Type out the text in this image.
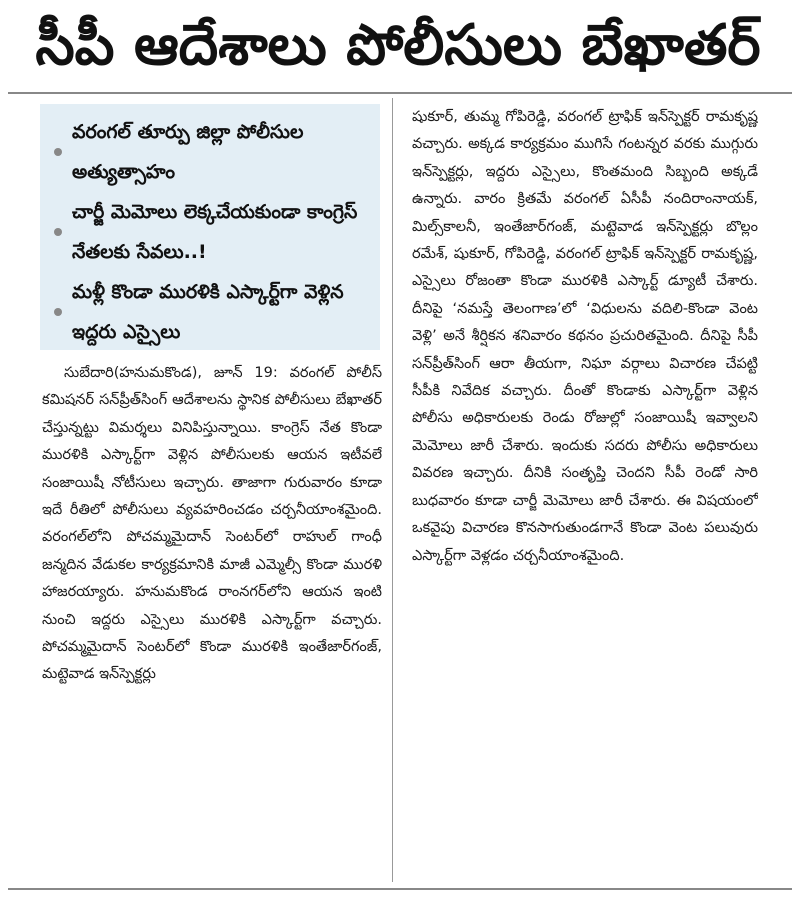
సీపీ ఆదేశాలు పోలీసులు బేఖాతర్
వరంగల్ తూర్పు జిల్లా పోలీసుల అత్యుత్సాహం
చార్జీ మెమోలు లెక్కచేయకుండా కాంగ్రెస్ నేతలకు సేవలు..!
మళ్లీ కొండా మురళికి ఎస్కార్ట్‌గా వెళ్లిన ఇద్దరు ఎస్సైలు
సుబేదారి(హనుమకొండ), జూన్ 19: వరంగల్ పోలీస్ కమిషనర్ సన్‌ప్రీత్‌సింగ్ ఆదేశాలను స్థానిక పోలీసులు బేఖాతర్ చేస్తున్నట్టు విమర్శలు వినిపిస్తున్నాయి. కాంగ్రెస్ నేత కొండా మురళికి ఎస్కార్ట్‌గా వెళ్లిన పోలీసులకు ఆయన ఇటీవలే సంజాయిషీ నోటీసులు ఇచ్చారు. తాజాగా గురువారం కూడా ఇదే రీతిలో పోలీసులు వ్యవహరించడం చర్చనీయాంశమైంది. వరంగల్‌లోని పోచమ్మమైదాన్ సెంటర్‌లో రాహుల్ గాంధీ జన్మదిన వేడుకల కార్యక్రమానికి మాజీ ఎమ్మెల్సీ కొండా మురళి హాజరయ్యారు. హనుమకొండ రాంనగర్‌లోని ఆయన ఇంటి నుంచి ఇద్దరు ఎస్సైలు మురళికి ఎస్కార్ట్‌గా వచ్చారు. పోచమ్మమైదాన్ సెంటర్‌లో కొండా మురళికి ఇంతేజార్‌గంజ్, మట్టెవాడ ఇన్‌స్పెక్టర్లు
షుకూర్, తుమ్మ గోపిరెడ్డి, వరంగల్ ట్రాఫిక్ ఇన్‌స్పెక్టర్ రామకృష్ణ వచ్చారు. అక్కడ కార్యక్రమం ముగిసే గంటన్నర వరకు ముగ్గురు ఇన్‌స్పెక్టర్లు, ఇద్దరు ఎస్సైలు, కొంతమంది సిబ్బంది అక్కడే ఉన్నారు. వారం క్రితమే వరంగల్ ఏసీపీ నందిరాంనాయక్, మిల్స్‌కాలనీ, ఇంతేజార్‌గంజ్, మట్టెవాడ ఇన్‌స్పెక్టర్లు బొల్లం రమేశ్, షుకూర్, గోపిరెడ్డి, వరంగల్ ట్రాఫిక్ ఇన్‌స్పెక్టర్ రామకృష్ణ, ఎస్సైలు రోజంతా కొండా మురళికి ఎస్కార్ట్ డ్యూటీ చేశారు. దీనిపై ‘నమస్తే తెలంగాణ’లో ‘విధులను వదిలి-కొండా వెంట వెళ్లి’ అనే శీర్షికన శనివారం కథనం ప్రచురితమైంది. దీనిపై సీపీ సన్‌ప్రీత్‌సింగ్ ఆరా తీయగా, నిఘా వర్గాలు విచారణ చేపట్టి సీపీకి నివేదిక వచ్చారు. దీంతో కొండాకు ఎస్కార్ట్‌గా వెళ్లిన పోలీసు అధికారులకు రెండు రోజుల్లో సంజాయిషీ ఇవ్వాలని మెమోలు జారీ చేశారు. ఇందుకు సదరు పోలీసు అధికారులు వివరణ ఇచ్చారు. దీనికి సంతృప్తి చెందని సీపీ రెండో సారి బుధవారం కూడా చార్జీ మెమోలు జారీ చేశారు. ఈ విషయంలో ఒకవైపు విచారణ కొనసాగుతుండగానే కొండా వెంట పలువురు ఎస్కార్ట్‌గా వెళ్లడం చర్చనీయాంశమైంది.
